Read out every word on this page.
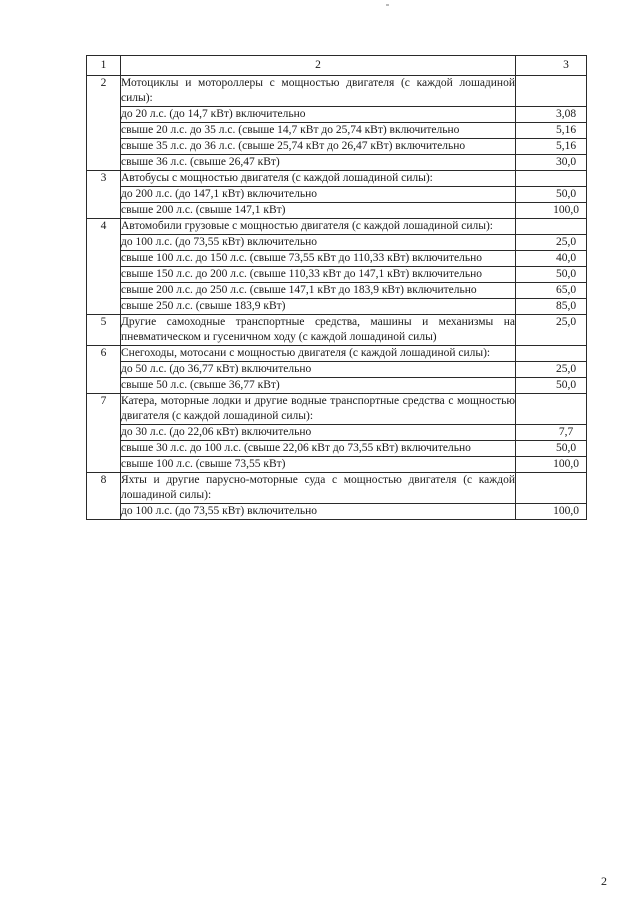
1	2	3
2	Мотоциклы и мотороллеры с мощностью двигателя (с каждой лошадиной силы):	
	до 20 л.с. (до 14,7 кВт) включительно	3,08
	свыше 20 л.с. до 35 л.с. (свыше 14,7 кВт до 25,74 кВт) включительно	5,16
	свыше 35 л.с. до 36 л.с. (свыше 25,74 кВт до 26,47 кВт) включительно	5,16
	свыше 36 л.с. (свыше 26,47 кВт)	30,0
3	Автобусы с мощностью двигателя (с каждой лошадиной силы):	
	до 200 л.с. (до 147,1 кВт) включительно	50,0
	свыше 200 л.с. (свыше 147,1 кВт)	100,0
4	Автомобили грузовые с мощностью двигателя (с каждой лошадиной силы):	
	до 100 л.с. (до 73,55 кВт) включительно	25,0
	свыше 100 л.с. до 150 л.с. (свыше 73,55 кВт до 110,33 кВт) включительно	40,0
	свыше 150 л.с. до 200 л.с. (свыше 110,33 кВт до 147,1 кВт) включительно	50,0
	свыше 200 л.с. до 250 л.с. (свыше 147,1 кВт до 183,9 кВт) включительно	65,0
	свыше 250 л.с. (свыше 183,9 кВт)	85,0
5	Другие самоходные транспортные средства, машины и механизмы на пневматическом и гусеничном ходу (с каждой лошадиной силы)	25,0
6	Снегоходы, мотосани с мощностью двигателя (с каждой лошадиной силы):	
	до 50 л.с. (до 36,77 кВт) включительно	25,0
	свыше 50 л.с. (свыше 36,77 кВт)	50,0
7	Катера, моторные лодки и другие водные транспортные средства с мощностью двигателя (с каждой лошадиной силы):	
	до 30 л.с. (до 22,06 кВт) включительно	7,7
	свыше 30 л.с. до 100 л.с. (свыше 22,06 кВт до 73,55 кВт) включительно	50,0
	свыше 100 л.с. (свыше 73,55 кВт)	100,0
8	Яхты и другие парусно-моторные суда с мощностью двигателя (с каждой лошадиной силы):	
	до 100 л.с. (до 73,55 кВт) включительно	100,0
2
